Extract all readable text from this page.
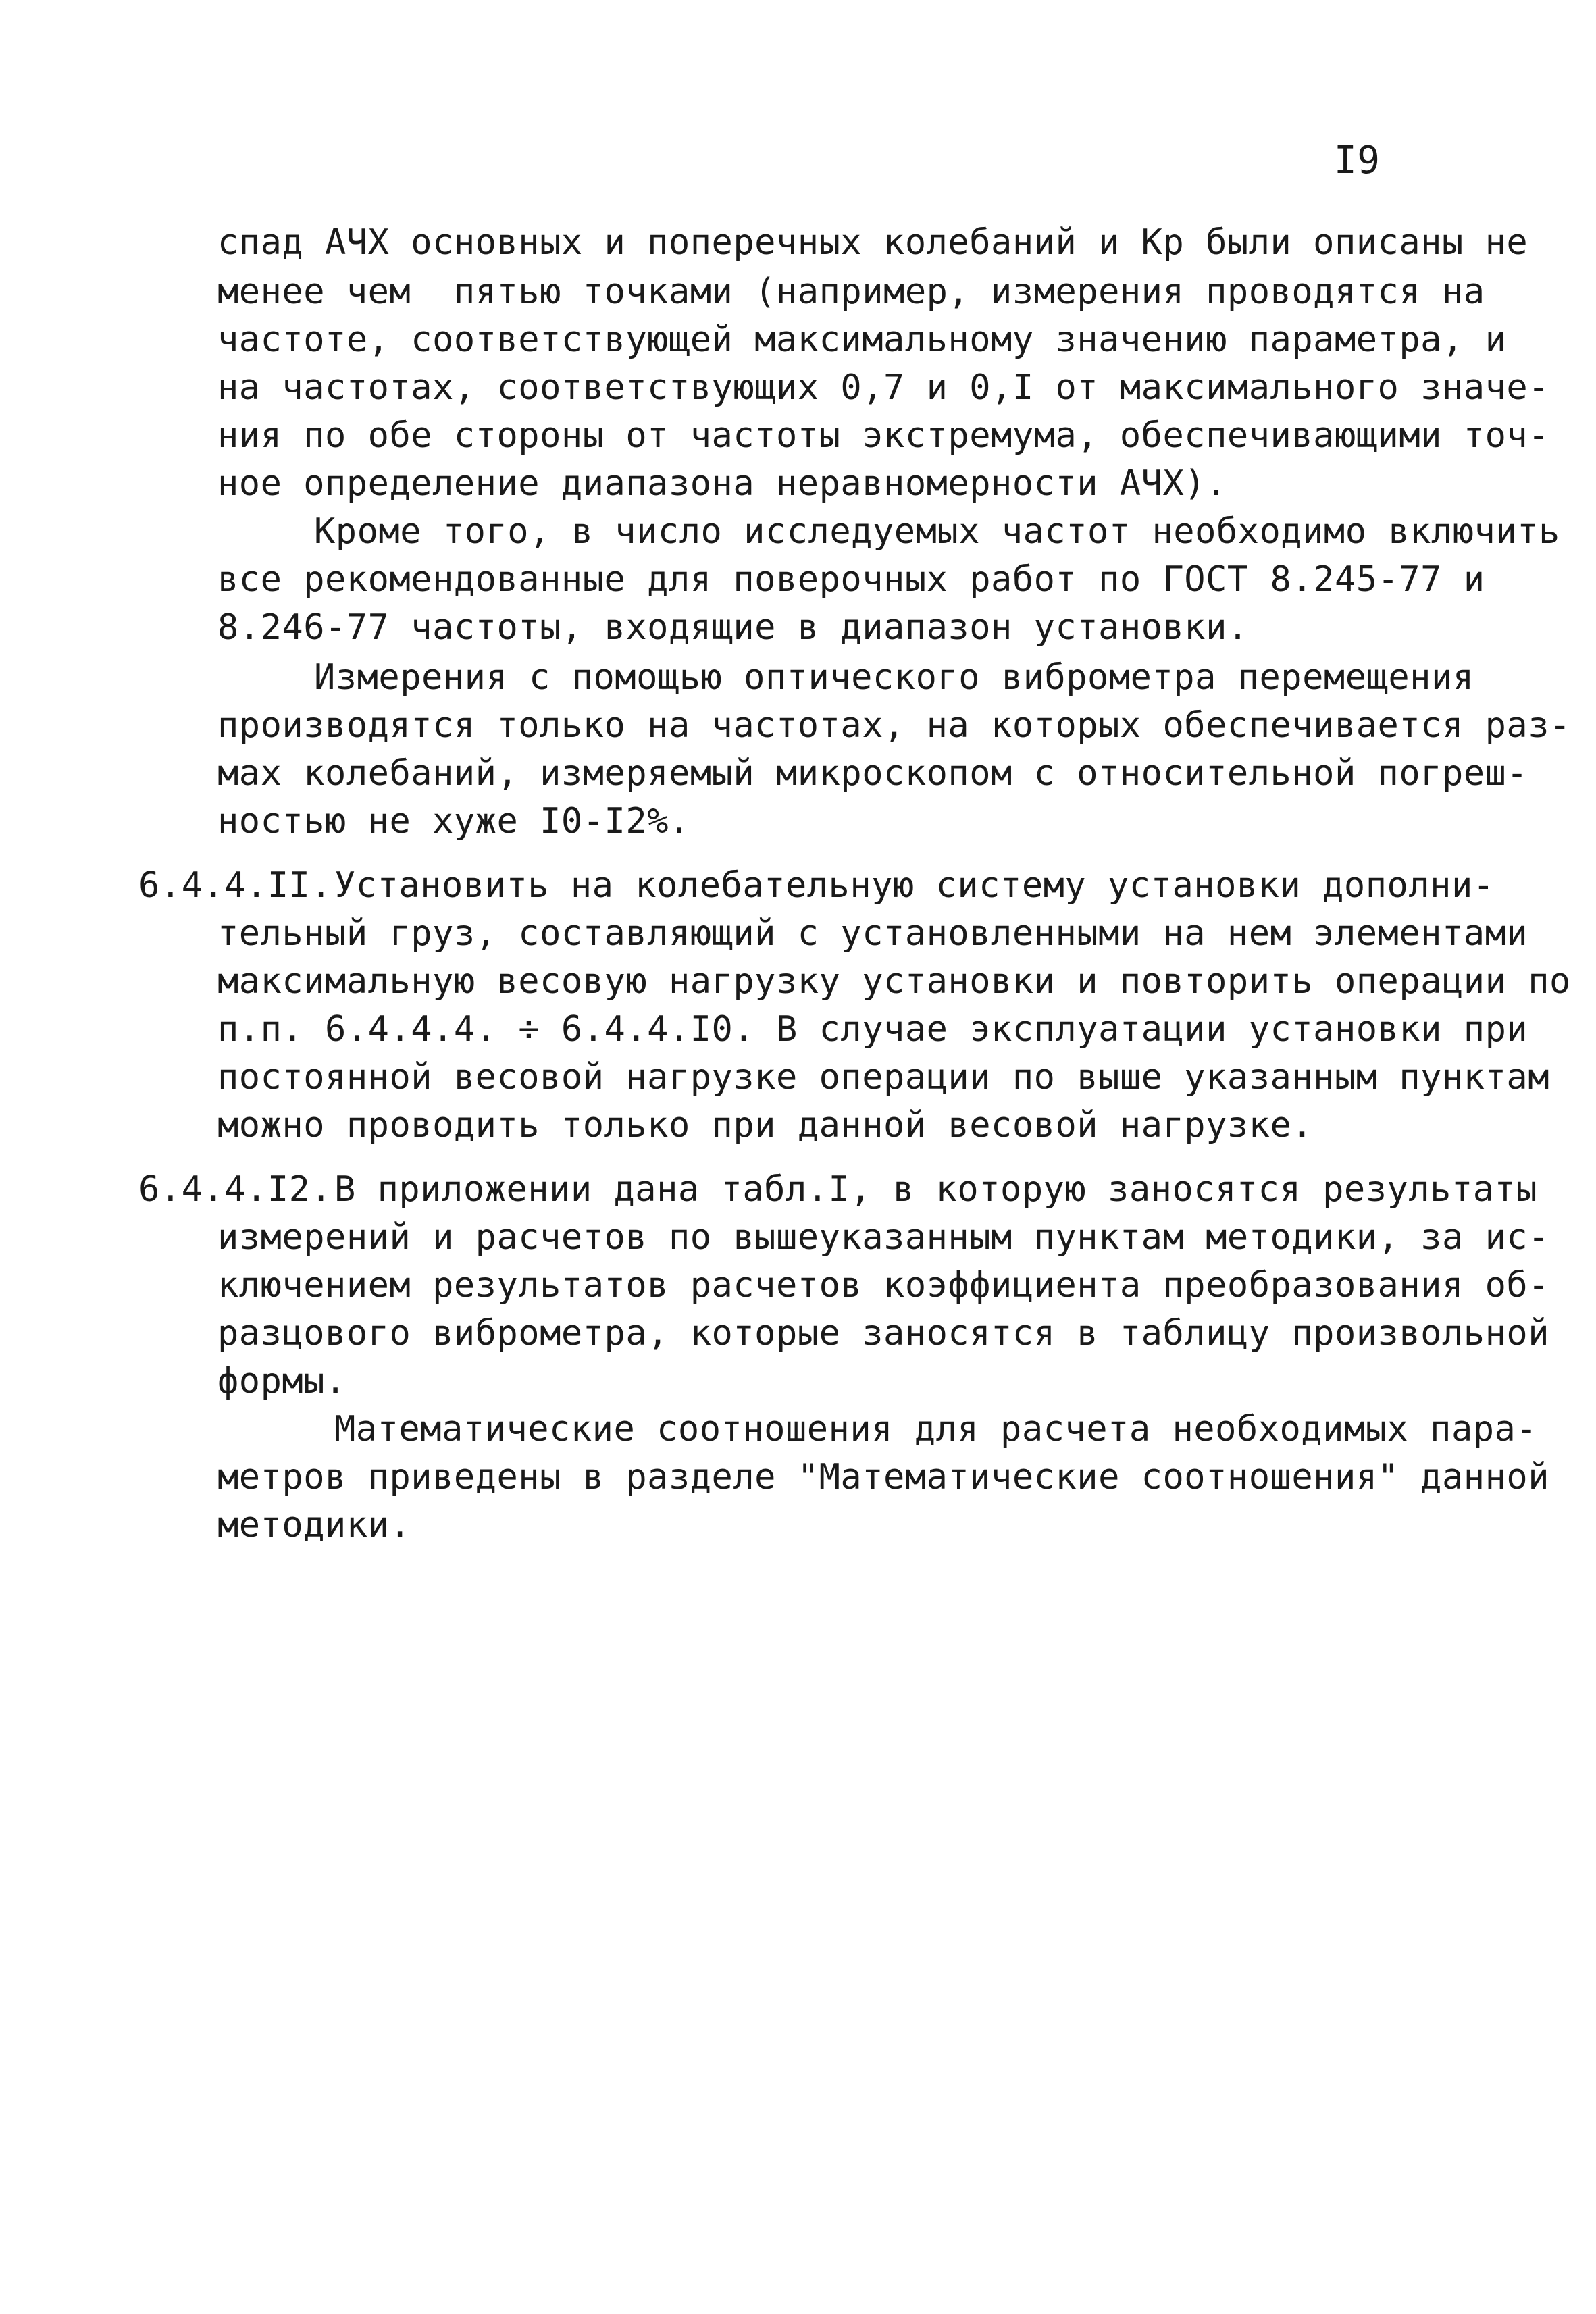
I9
спад АЧХ основных и поперечных колебаний и Кр были описаны не
менее чем  пятью точками (например, измерения проводятся на
частоте, соответствующей максимальному значению параметра, и
на частотах, соответствующих 0,7 и 0,I от максимального значе-
ния по обе стороны от частоты экстремума, обеспечивающими точ-
ное определение диапазона неравномерности АЧХ).
Кроме того, в число исследуемых частот необходимо включить
все рекомендованные для поверочных работ по ГОСТ 8.245-77 и
8.246-77 частоты, входящие в диапазон установки.
Измерения с помощью оптического виброметра перемещения
производятся только на частотах, на которых обеспечивается раз-
мах колебаний, измеряемый микроскопом с относительной погреш-
ностью не хуже I0-I2%.
6.4.4.II. Установить на колебательную систему установки дополни-
тельный груз, составляющий с установленными на нем элементами
максимальную весовую нагрузку установки и повторить операции по
п.п. 6.4.4.4. ÷ 6.4.4.I0. В случае эксплуатации установки при
постоянной весовой нагрузке операции по выше указанным пунктам
можно проводить только при данной весовой нагрузке.
6.4.4.I2. В приложении дана табл.I, в которую заносятся результаты
измерений и расчетов по вышеуказанным пунктам методики, за ис-
ключением результатов расчетов коэффициента преобразования об-
разцового виброметра, которые заносятся в таблицу произвольной
формы.
Математические соотношения для расчета необходимых пара-
метров приведены в разделе "Математические соотношения" данной
методики.
